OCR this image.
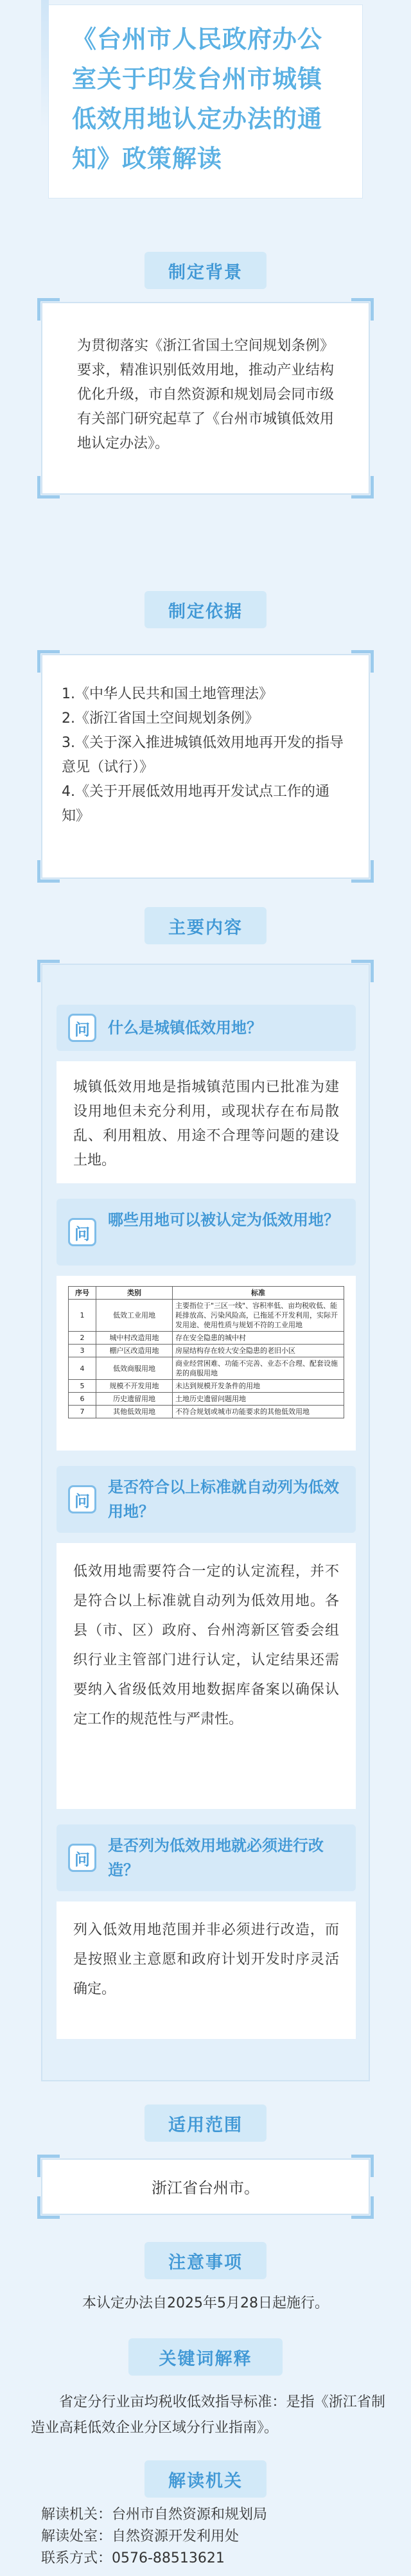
《台州市人民政府办公室关于印发台州市城镇低效用地认定办法的通知》政策解读
制定背景
为贯彻落实《浙江省国土空间规划条例》要求，精准识别低效用地，推动产业结构优化升级，市自然资源和规划局会同市级有关部门研究起草了《台州市城镇低效用地认定办法》。
制定依据
1.《中华人民共和国土地管理法》
2.《浙江省国土空间规划条例》
3.《关于深入推进城镇低效用地再开发的指导意见（试行）》
4.《关于开展低效用地再开发试点工作的通知》
主要内容
问	什么是城镇低效用地？
城镇低效用地是指城镇范围内已批准为建设用地但未充分利用，或现状存在布局散乱、利用粗放、用途不合理等问题的建设土地。
问
哪些用地可以被认定为低效用地？
序号	类别	标准
1	低效工业用地	主要指位于"三区一线"、容积率低、亩均税收低、能耗排放高、污染风险高，已拖延不开发利用，实际开发用途、使用性质与规划不符的工业用地
2	城中村改造用地	存在安全隐患的城中村
3	棚户区改造用地	房屋结构存在较大安全隐患的老旧小区
4	低效商服用地	商业经营困难、功能不完善、业态不合理、配套设施差的商服用地
5	规模不开发用地	未达到规模开发条件的用地
6	历史遗留用地	土地历史遗留问题用地
7	其他低效用地	不符合规划或城市功能要求的其他低效用地
问
是否符合以上标准就自动列为低效用地？
低效用地需要符合一定的认定流程，并不是符合以上标准就自动列为低效用地。各县（市、区）政府、台州湾新区管委会组织行业主管部门进行认定，认定结果还需要纳入省级低效用地数据库备案以确保认定工作的规范性与严肃性。
问
是否列为低效用地就必须进行改造？
列入低效用地范围并非必须进行改造，而是按照业主意愿和政府计划开发时序灵活确定。
适用范围
浙江省台州市。
注意事项
本认定办法自2025年5月28日起施行。
关键词解释
省定分行业亩均税收低效指导标准：是指《浙江省制造业高耗低效企业分区域分行业指南》。
解读机关
解读机关：台州市自然资源和规划局
解读处室：自然资源开发利用处
联系方式：0576-88513621
